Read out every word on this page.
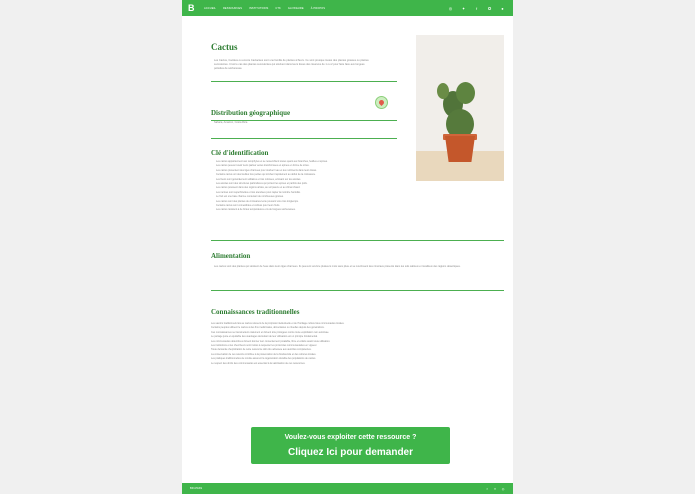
B	ACCUEIL	RESSOURCES	INSTITUTIONS	CTK	GLOSSAIRE	À PROPOS	◎	✦	f	✪	●
Cactus

Les Cactus, Cactées ou encore Cactacées sont une famille de plantes à fleurs. Ce sont presque toutes des plantes grasses ou plantes succulentes. C'est le cas des plantes succulentes qui stockent dans leurs tissus des réserves de 1 ou 2 pour faire face aux longues périodes de sécheresse.

Distribution géographique
Sahara, Amazon, Costa Rica
Clé d'identification
Les cactus appartiennent aux xérophytes et se ressemblent toutes quant aux branches, feuilles et épines.
Les cactus peuvent avoir leurs parties vertes transformées en épines en forme de stries.
Les cactus présentent des tiges charnues pour stocker l'eau et les nutriments dans leurs tissus.
Certains cactus ont des feuilles très petites qui tombent rapidement au début de la croissance.
Les fleurs sont généralement solitaires et très colorées, éclosant sur les aréoles.
Les aréoles sont des structures particulières qui portent les épines et parfois des poils.
Les cactus poussent dans des régions arides, au sol pauvre et au climat chaud.
Les racines sont superficielles et très étendues pour capter la moindre humidité.
Le fruit est une baie charnue contenant de nombreuses graines.
Les cactus sont des plantes de croissance lente pouvant vivre très longtemps.
Certains cactus sont comestibles et cultivés pour leurs fruits.
Les cactus résistent à de fortes températures et à de longues sécheresses.
Alimentation

Les cactus sont des plantes qui stockent de l'eau dans leurs tiges charnues. Ils peuvent survivre plusieurs mois sans pluie et se nourrissent des minéraux présents dans les sols sableux et rocailleux des régions désertiques.

Connaissances traditionnelles
Les savoirs traditionnels liés au cactus relèvent de la propriété intellectuelle et de l'héritage culturel des communautés locales.
Certains peuples utilisent le cactus à des fins médicinales, alimentaires ou rituelles depuis des générations.
Ces connaissances se transmettent oralement et doivent être protégées contre toute exploitation non autorisée.
Le partage juste et équitable des avantages découlant de leur utilisation est un principe fondamental.
Les communautés détentrices doivent donner leur consentement préalable, libre et éclairé avant toute utilisation.
Les institutions et les chercheurs sont invités à respecter les protocoles communautaires en vigueur.
Toute demande d'exploitation de cette ressource doit être adressée aux autorités compétentes.
La conservation de ces savoirs contribue à la préservation de la biodiversité et des cultures locales.
Les pratiques traditionnelles de récolte assurent la régénération durable des populations de cactus.
Le respect des droits des communautés est essentiel à la valorisation de ces ressources.
Voulez-vous exploiter cette ressource ?
Cliquez Ici pour demander
BIO-PASS	f	✦	◎
